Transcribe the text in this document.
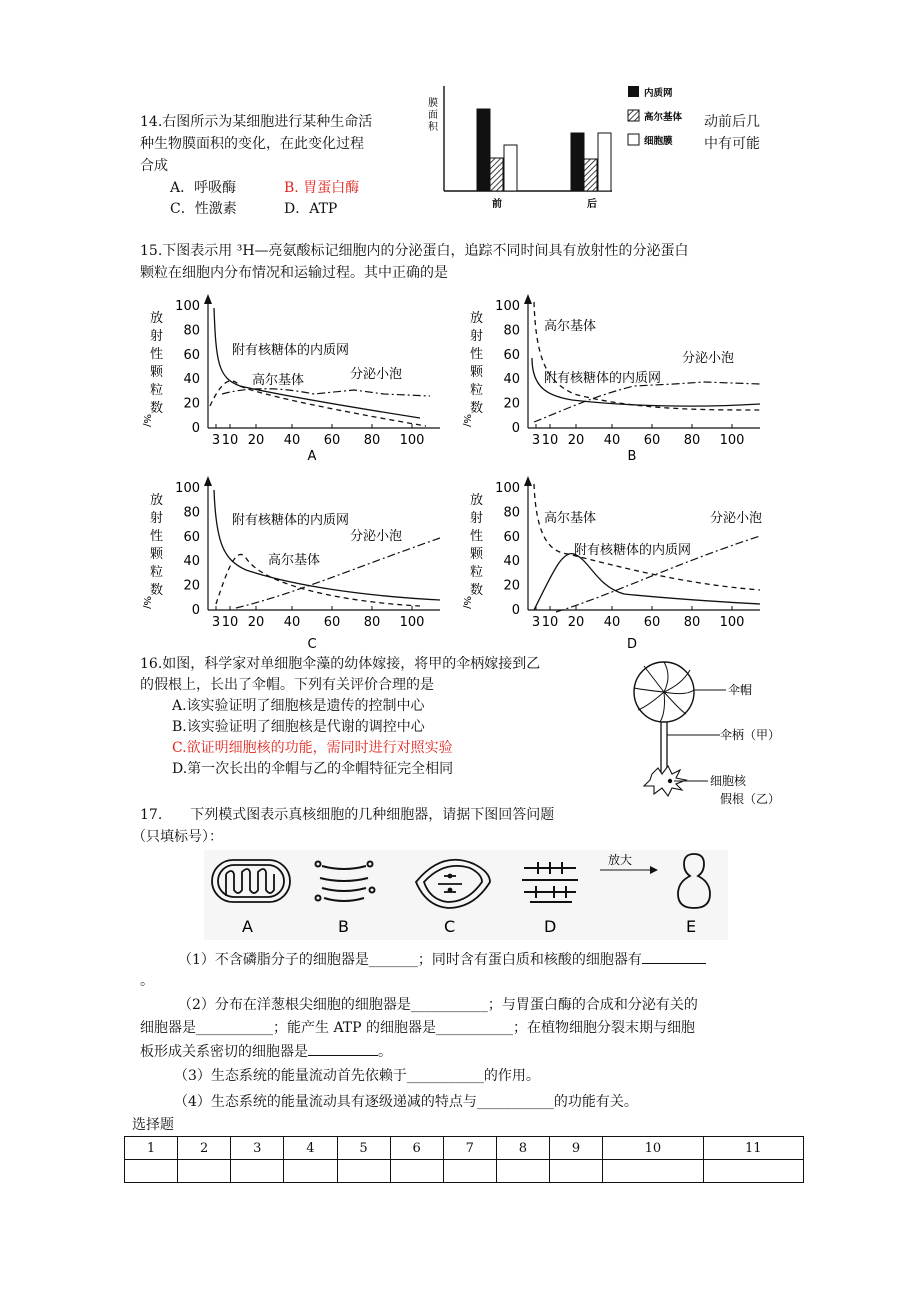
14.右图所示为某细胞进行某种生命活	动前后几
种生物膜面积的变化，在此变化过程	中有可能
合成
A．呼吸酶	B. 胃蛋白酶
C．性激素	D．ATP
膜
面
积
前	后
内质网
高尔基体
细胞膜
15.下图表示用 ³H—亮氨酸标记细胞内的分泌蛋白，追踪不同时间具有放射性的分泌蛋白
颗粒在细胞内分布情况和运输过程。其中正确的是
放
射
性
颗
粒
数
%/
100
80
60
40
20
0
3 10 20 40 60 80 100
附有核糖体的内质网
高尔基体	分泌小泡
A
放
射
性
颗
粒
数
%/
100
80
60
40
20
0
3 10 20 40 60 80 100
高尔基体
附有核糖体的内质网
分泌小泡
B
放
射
性
颗
粒
数
%/
100
80
60
40
20
0
3 10 20 40 60 80 100
附有核糖体的内质网
高尔基体
分泌小泡
C
放
射
性
颗
粒
数
%/
100
80
60
40
20
0
3 10 20 40 60 80 100
高尔基体
附有核糖体的内质网
分泌小泡
D
16.如图，科学家对单细胞伞藻的幼体嫁接，将甲的伞柄嫁接到乙
的假根上，长出了伞帽。下列有关评价合理的是
A.该实验证明了细胞核是遗传的控制中心
B.该实验证明了细胞核是代谢的调控中心
C.欲证明细胞核的功能，需同时进行对照实验
D.第一次长出的伞帽与乙的伞帽特征完全相同
伞帽
伞柄（甲）
细胞核
假根（乙）
17.　　下列模式图表示真核细胞的几种细胞器，请据下图回答问题
（只填标号）：
放大
A	B	C	D	E
（1）不含磷脂分子的细胞器是_______；同时含有蛋白质和核酸的细胞器有
。
（2）分布在洋葱根尖细胞的细胞器是___________；与胃蛋白酶的合成和分泌有关的
细胞器是___________；能产生 ATP 的细胞器是___________；在植物细胞分裂末期与细胞
板形成关系密切的细胞器是	。
（3）生态系统的能量流动首先依赖于___________的作用。
（4）生态系统的能量流动具有逐级递减的特点与___________的功能有关。
选择题
1	2	3	4	5	6	7	8	9	10	11
